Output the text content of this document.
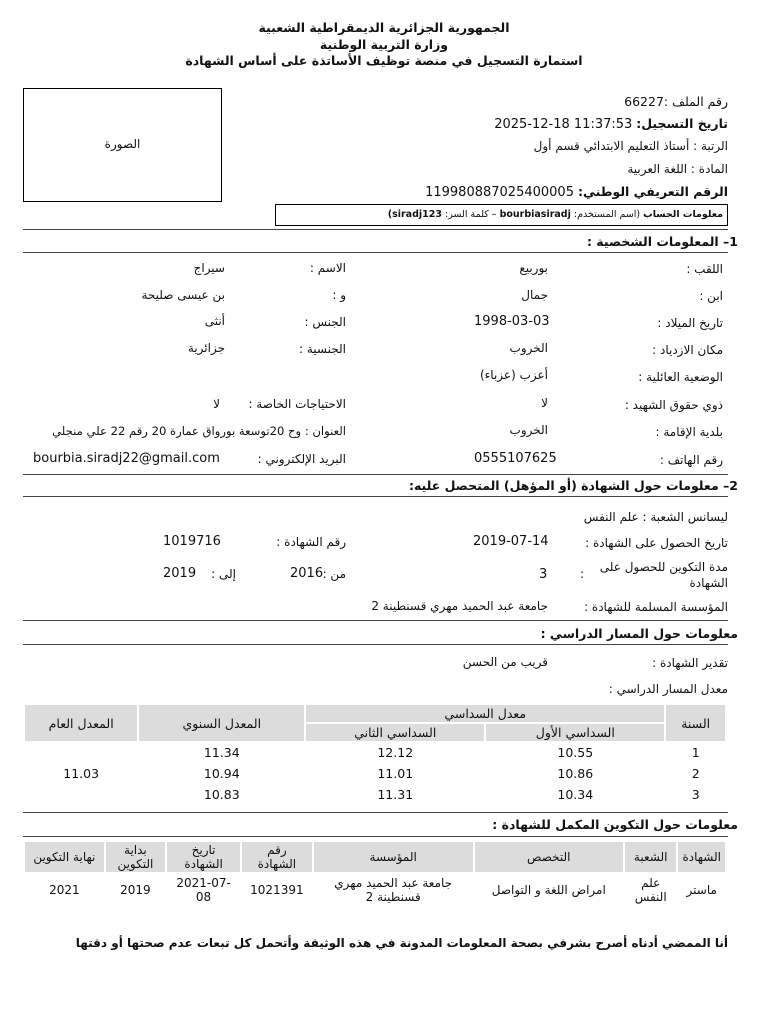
الجمهورية الجزائرية الديمقراطية الشعبية
وزارة التربية الوطنية
استمارة التسجيل في منصة توظيف الأساتذة على أساس الشهادة
الصورة
رقم الملف :66227
تاريخ التسجيل: 2025-12-18 11:37:53
الرتبة : أستاذ التعليم الابتدائي قسم أول
المادة : اللغة العربية
الرقم التعريفي الوطني: 119980887025400005
معلومات الحساب (اسم المستخدم: bourbiasiradj – كلمة السر: siradj123)
1– المعلومات الشخصية :
اللقب :
بوربيع
الاسم :
سيراج
ابن :
جمال
و :
بن عيسى صليحة
تاريخ الميلاد :
1998-03-03
الجنس :
أنثى
مكان الازدياد :
الخروب
الجنسية :
جزائرية
الوضعية العائلية :
أعزب (عزباء)
ذوي حقوق الشهيد :
لا
الاحتياجات الخاصة :
لا
بلدية الإقامة :
الخروب
العنوان : وح 20توسعة بورواق عمارة 20 رقم 22 علي منجلي
رقم الهاتف :
0555107625
البريد الإلكتروني :
bourbia.siradj22@gmail.com
2– معلومات حول الشهادة (أو المؤهل) المتحصل عليه:
ليسانس الشعبة : علم النفس
تاريخ الحصول على الشهادة :
2019-07-14
رقم الشهادة :
1019716
مدة التكوين للحصول على الشهادة
:
3
من :
2016
إلى :
2019
المؤسسة المسلمة للشهادة :
جامعة عبد الحميد مهري قسنطينة 2
معلومات حول المسار الدراسي :
تقدير الشهادة :
قريب من الحسن
معدل المسار الدراسي :
السنة	معدل السداسي		المعدل السنوي	المعدل العام
	السداسي الأول	السداسي الثاني		
1	10.55	12.12	11.34	11.03
2	10.86	11.01	10.94	
3	10.34	11.31	10.83	
معلومات حول التكوين المكمل للشهادة :
الشهادة	الشعبة	التخصص	المؤسسة	رقم الشهادة	تاريخ الشهادة	بداية التكوين	نهاية التكوين
ماستر	علم النفس	امراض اللغة و التواصل	جامعة عبد الحميد مهري قسنطينة 2	1021391	2021-07-08	2019	2021
أنا الممضي أدناه أصرح بشرفي بصحة المعلومات المدونة في هذه الوثيقة وأتحمل كل تبعات عدم صحتها أو دقتها
